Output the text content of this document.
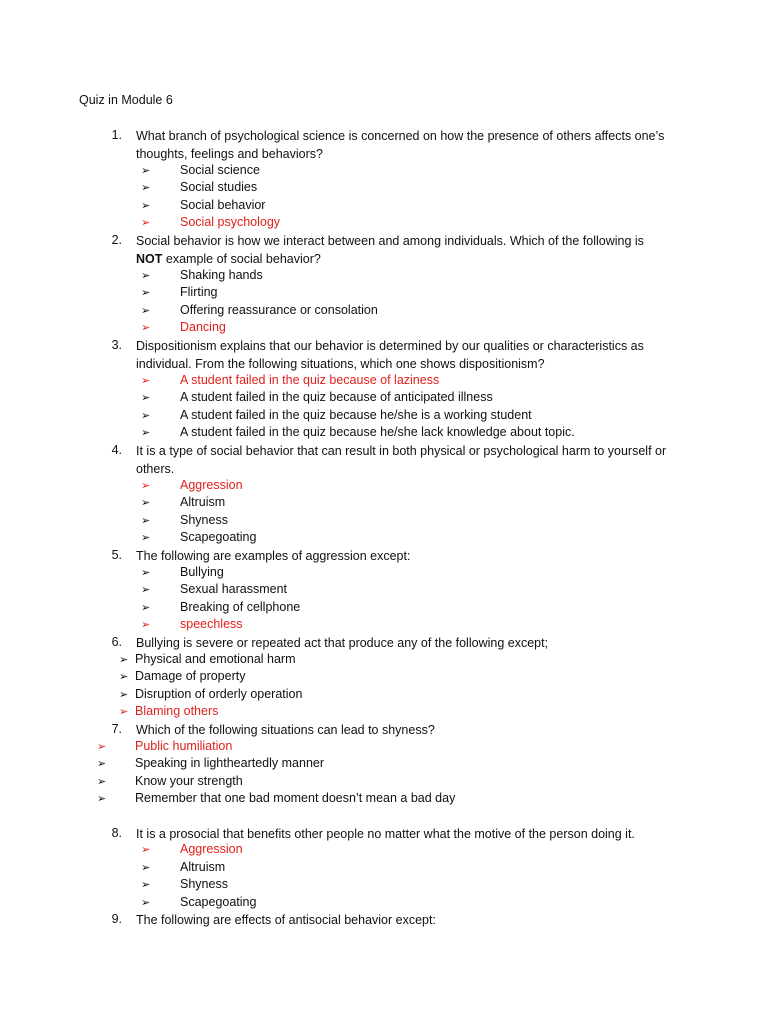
Quiz in Module 6
1. What branch of psychological science is concerned on how the presence of others affects one’s thoughts, feelings and behaviors?
➢ Social science
➢ Social studies
➢ Social behavior
➢ Social psychology
2. Social behavior is how we interact between and among individuals. Which of the following is
NOT example of social behavior?
➢ Shaking hands
➢ Flirting
➢ Offering reassurance or consolation
➢ Dancing
3. Dispositionism explains that our behavior is determined by our qualities or characteristics as individual. From the following situations, which one shows dispositionism?
➢ A student failed in the quiz because of laziness
➢ A student failed in the quiz because of anticipated illness
➢ A student failed in the quiz because he/she is a working student
➢ A student failed in the quiz because he/she lack knowledge about topic.
4. It is a type of social behavior that can result in both physical or psychological harm to yourself or others.
➢ Aggression
➢ Altruism
➢ Shyness
➢ Scapegoating
5. The following are examples of aggression except:
➢ Bullying
➢ Sexual harassment
➢ Breaking of cellphone
➢ speechless
6. Bullying is severe or repeated act that produce any of the following except;
➢ Physical and emotional harm
➢ Damage of property
➢ Disruption of orderly operation
➢ Blaming others
7. Which of the following situations can lead to shyness?
➢ Public humiliation
➢ Speaking in lightheartedly manner
➢ Know your strength
➢ Remember that one bad moment doesn’t mean a bad day
8. It is a prosocial that benefits other people no matter what the motive of the person doing it.
➢ Aggression
➢ Altruism
➢ Shyness
➢ Scapegoating
9. The following are effects of antisocial behavior except:
